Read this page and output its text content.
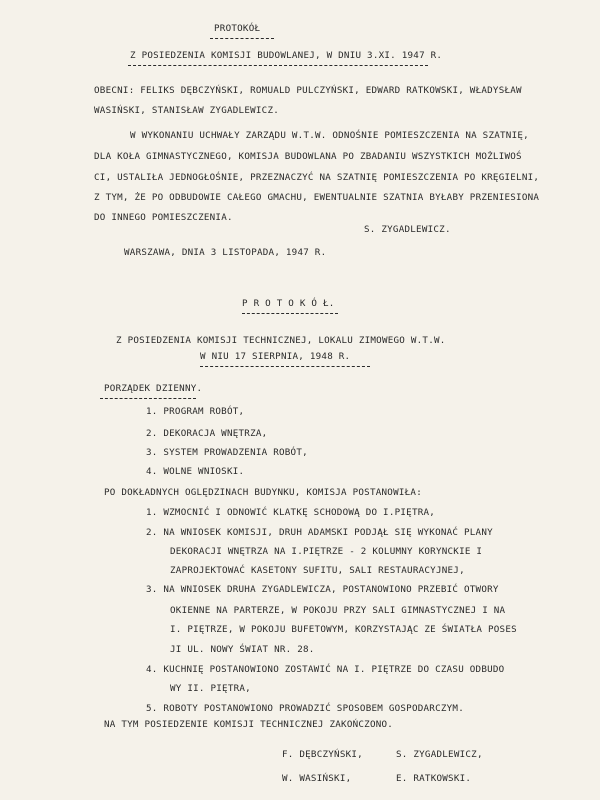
PROTOKÓŁ
Z POSIEDZENIA KOMISJI BUDOWLANEJ, W DNIU 3.XI. 1947 R.
OBECNI: FELIKS DĘBCZYŃSKI, ROMUALD PULCZYŃSKI, EDWARD RATKOWSKI, WŁADYSŁAW
WASIŃSKI, STANISŁAW ZYGADLEWICZ.
W WYKONANIU UCHWAŁY ZARZĄDU W.T.W. ODNOŚNIE POMIESZCZENIA NA SZATNIĘ,
DLA KOŁA GIMNASTYCZNEGO, KOMISJA BUDOWLANA PO ZBADANIU WSZYSTKICH MOŻLIWOŚ
CI, USTALIŁA JEDNOGŁOŚNIE, PRZEZNACZYĆ NA SZATNIĘ POMIESZCZENIA PO KRĘGIELNI,
Z TYM, ŻE PO ODBUDOWIE CAŁEGO GMACHU, EWENTUALNIE SZATNIA BYŁABY PRZENIESIONA
DO INNEGO POMIESZCZENIA.
S. ZYGADLEWICZ.
WARSZAWA, DNIA 3 LISTOPADA, 1947 R.
P R O T O K Ó Ł.
Z POSIEDZENIA KOMISJI TECHNICZNEJ, LOKALU ZIMOWEGO W.T.W.
W NIU 17 SIERPNIA, 1948 R.
PORZĄDEK DZIENNY.
1. PROGRAM ROBÓT,
2. DEKORACJA WNĘTRZA,
3. SYSTEM PROWADZENIA ROBÓT,
4. WOLNE WNIOSKI.
PO DOKŁADNYCH OGLĘDZINACH BUDYNKU, KOMISJA POSTANOWIŁA:
1. WZMOCNIĆ I ODNOWIĆ KLATKĘ SCHODOWĄ DO I.PIĘTRA,
2. NA WNIOSEK KOMISJI, DRUH ADAMSKI PODJĄŁ SIĘ WYKONAĆ PLANY
DEKORACJI WNĘTRZA NA I.PIĘTRZE - 2 KOLUMNY KORYNCKIE I
ZAPROJEKTOWAĆ KASETONY SUFITU, SALI RESTAURACYJNEJ,
3. NA WNIOSEK DRUHA ZYGADLEWICZA, POSTANOWIONO PRZEBIĆ OTWORY
OKIENNE NA PARTERZE, W POKOJU PRZY SALI GIMNASTYCZNEJ I NA
I. PIĘTRZE, W POKOJU BUFETOWYM, KORZYSTAJĄC ZE ŚWIATŁA POSES
JI UL. NOWY ŚWIAT NR. 28.
4. KUCHNIĘ POSTANOWIONO ZOSTAWIĆ NA I. PIĘTRZE DO CZASU ODBUDO
WY II. PIĘTRA,
5. ROBOTY POSTANOWIONO PROWADZIĆ SPOSOBEM GOSPODARCZYM.
NA TYM POSIEDZENIE KOMISJI TECHNICZNEJ ZAKOŃCZONO.
F. DĘBCZYŃSKI,	S. ZYGADLEWICZ,
W. WASIŃSKI,	E. RATKOWSKI.
